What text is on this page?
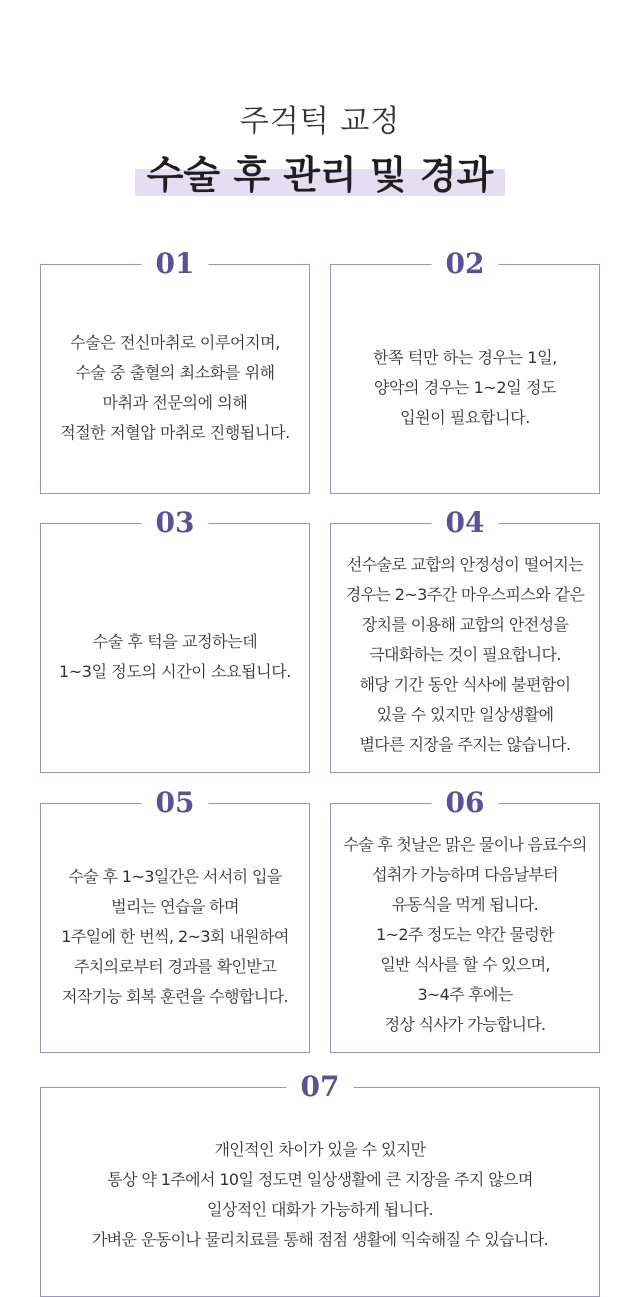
주걱턱 교정
수술 후 관리 및 경과
01

수술은 전신마취로 이루어지며,
수술 중 출혈의 최소화를 위해
마취과 전문의에 의해
적절한 저혈압 마취로 진행됩니다.

02

한쪽 턱만 하는 경우는 1일,
양악의 경우는 1~2일 정도
입원이 필요합니다.

03

수술 후 턱을 교정하는데
1~3일 정도의 시간이 소요됩니다.

04

선수술로 교합의 안정성이 떨어지는
경우는 2~3주간 마우스피스와 같은
장치를 이용해 교합의 안전성을
극대화하는 것이 필요합니다.
해당 기간 동안 식사에 불편함이
있을 수 있지만 일상생활에
별다른 지장을 주지는 않습니다.

05

수술 후 1~3일간은 서서히 입을
벌리는 연습을 하며
1주일에 한 번씩, 2~3회 내원하여
주치의로부터 경과를 확인받고
저작기능 회복 훈련을 수행합니다.

06

수술 후 첫날은 맑은 물이나 음료수의
섭취가 가능하며 다음날부터
유동식을 먹게 됩니다.
1~2주 정도는 약간 물렁한
일반 식사를 할 수 있으며,
3~4주 후에는
정상 식사가 가능합니다.

07

개인적인 차이가 있을 수 있지만
통상 약 1주에서 10일 정도면 일상생활에 큰 지장을 주지 않으며
일상적인 대화가 가능하게 됩니다.
가벼운 운동이나 물리치료를 통해 점점 생활에 익숙해질 수 있습니다.
